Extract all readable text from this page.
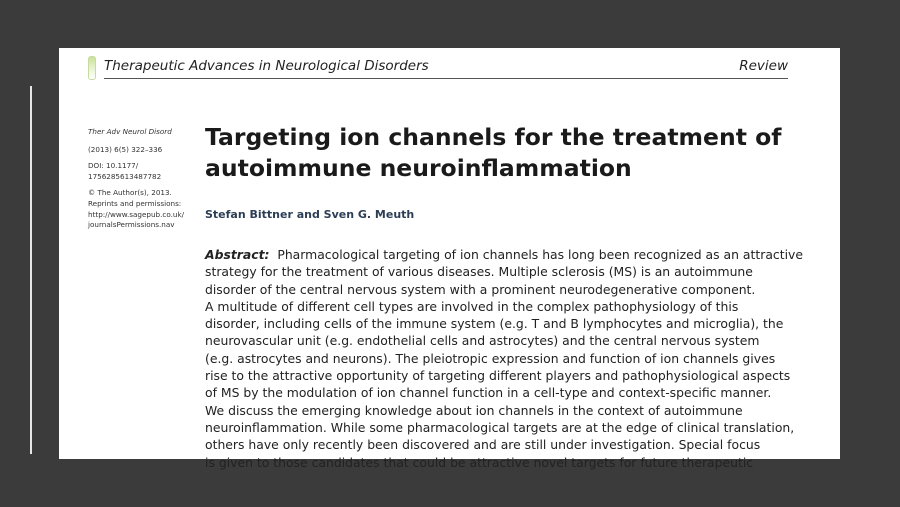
Therapeutic Advances in Neurological Disorders	Review
Ther Adv Neurol Disord
(2013) 6(5) 322–336
DOI: 10.1177/
1756285613487782
© The Author(s), 2013.
Reprints and permissions:
http://www.sagepub.co.uk/
journalsPermissions.nav
Targeting ion channels for the treatment of
autoimmune neuroinflammation
Stefan Bittner and Sven G. Meuth
Abstract: Pharmacological targeting of ion channels has long been recognized as an attractive
strategy for the treatment of various diseases. Multiple sclerosis (MS) is an autoimmune
disorder of the central nervous system with a prominent neurodegenerative component.
A multitude of different cell types are involved in the complex pathophysiology of this
disorder, including cells of the immune system (e.g. T and B lymphocytes and microglia), the
neurovascular unit (e.g. endothelial cells and astrocytes) and the central nervous system
(e.g. astrocytes and neurons). The pleiotropic expression and function of ion channels gives
rise to the attractive opportunity of targeting different players and pathophysiological aspects
of MS by the modulation of ion channel function in a cell-type and context-specific manner.
We discuss the emerging knowledge about ion channels in the context of autoimmune
neuroinflammation. While some pharmacological targets are at the edge of clinical translation,
others have only recently been discovered and are still under investigation. Special focus
is given to those candidates that could be attractive novel targets for future therapeutic
